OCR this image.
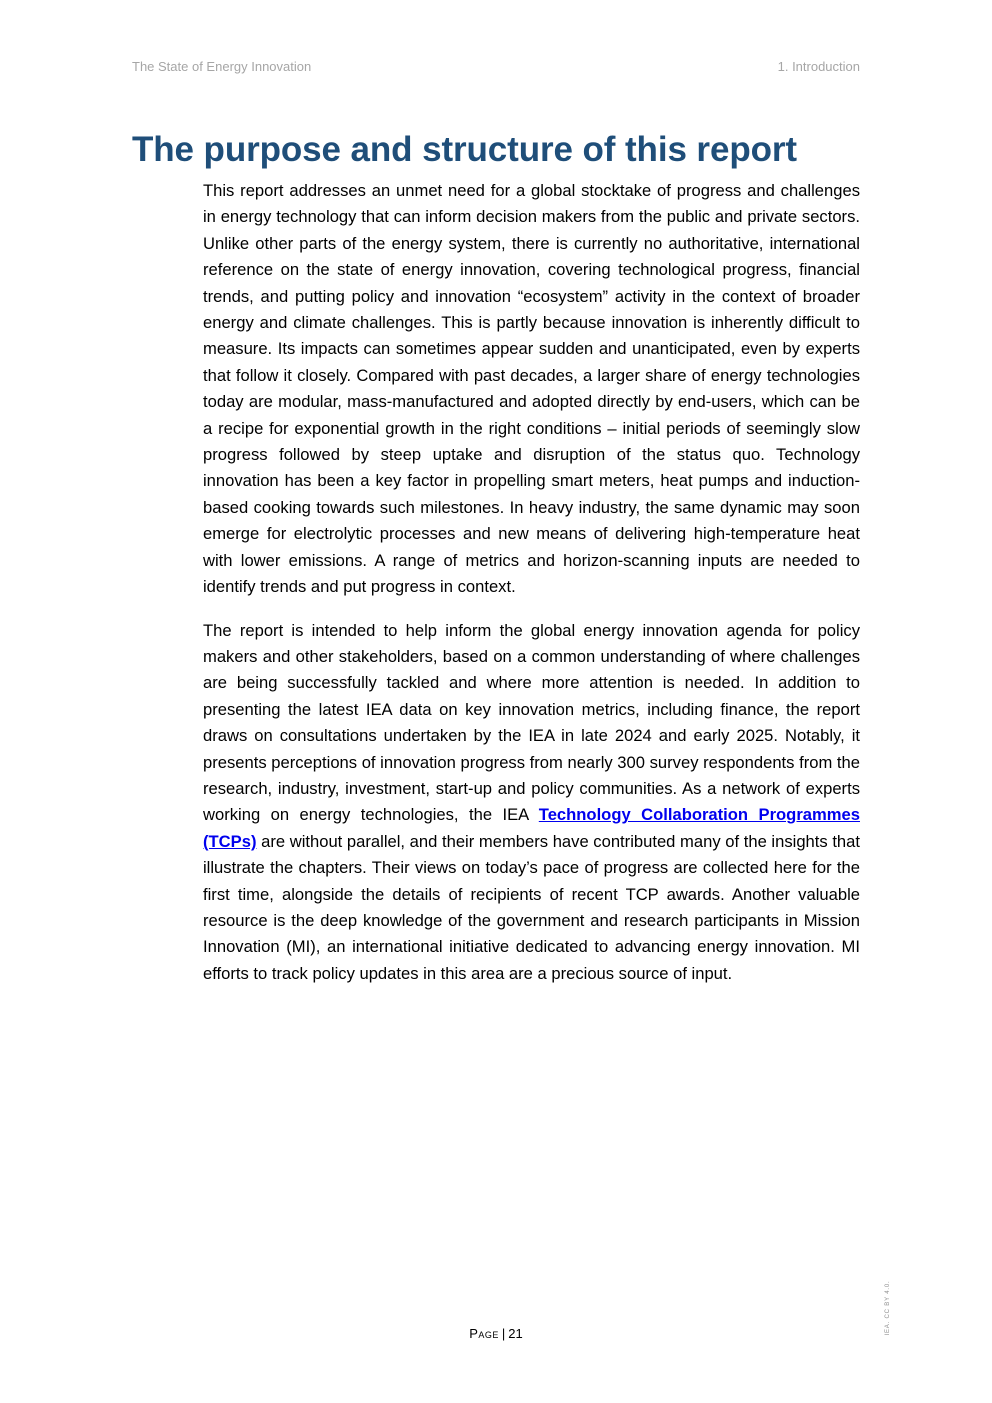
The State of Energy Innovation	1. Introduction
The purpose and structure of this report

This report addresses an unmet need for a global stocktake of progress and challenges in energy technology that can inform decision makers from the public and private sectors. Unlike other parts of the energy system, there is currently no authoritative, international reference on the state of energy innovation, covering technological progress, financial trends, and putting policy and innovation “ecosystem” activity in the context of broader energy and climate challenges. This is partly because innovation is inherently difficult to measure. Its impacts can sometimes appear sudden and unanticipated, even by experts that follow it closely. Compared with past decades, a larger share of energy technologies today are modular, mass-manufactured and adopted directly by end-users, which can be a recipe for exponential growth in the right conditions – initial periods of seemingly slow progress followed by steep uptake and disruption of the status quo. Technology innovation has been a key factor in propelling smart meters, heat pumps and induction-based cooking towards such milestones. In heavy industry, the same dynamic may soon emerge for electrolytic processes and new means of delivering high-temperature heat with lower emissions. A range of metrics and horizon-scanning inputs are needed to identify trends and put progress in context.

The report is intended to help inform the global energy innovation agenda for policy makers and other stakeholders, based on a common understanding of where challenges are being successfully tackled and where more attention is needed. In addition to presenting the latest IEA data on key innovation metrics, including finance, the report draws on consultations undertaken by the IEA in late 2024 and early 2025. Notably, it presents perceptions of innovation progress from nearly 300 survey respondents from the research, industry, investment, start-up and policy communities. As a network of experts working on energy technologies, the IEA Technology Collaboration Programmes (TCPs) are without parallel, and their members have contributed many of the insights that illustrate the chapters. Their views on today’s pace of progress are collected here for the first time, alongside the details of recipients of recent TCP awards. Another valuable resource is the deep knowledge of the government and research participants in Mission Innovation (MI), an international initiative dedicated to advancing energy innovation. MI efforts to track policy updates in this area are a precious source of input.

Page | 21	IEA. CC BY 4.0.
